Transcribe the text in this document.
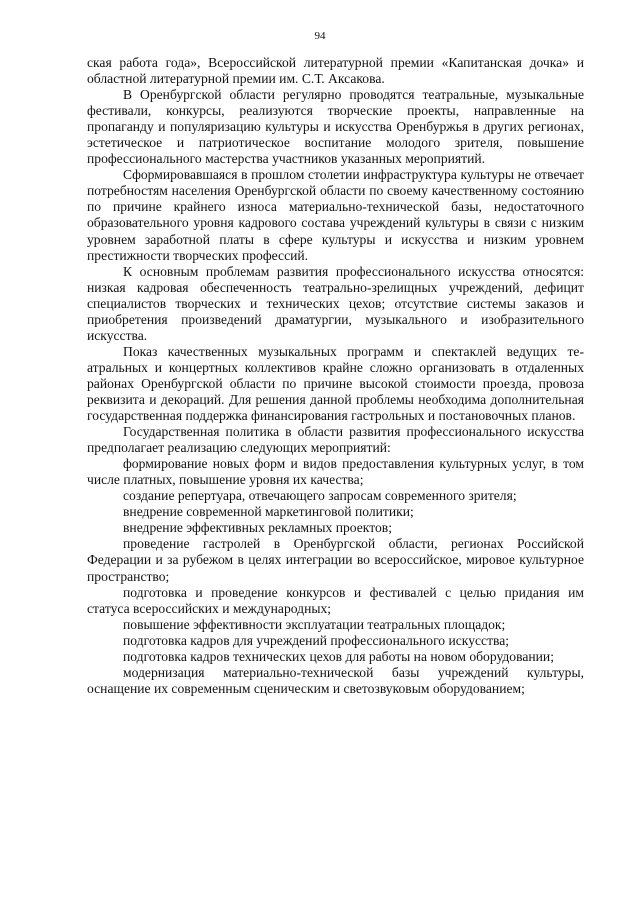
94

ская работа года», Всероссийской литературной премии «Капитанская дочка» и областной литературной премии им. С.Т. Аксакова.

В Оренбургской области регулярно проводятся театральные, музыкальные фестивали, конкурсы, реализуются творческие проекты, направленные на пропаганду и популяризацию культуры и искусства Оренбуржья в других регионах, эстетическое и патриотическое воспитание молодого зрителя, повышение профессионального мастерства участников указанных мероприятий.

Сформировавшаяся в прошлом столетии инфраструктура культуры не отвечает потребностям населения Оренбургской области по своему качественному состоянию по причине крайнего износа материально-технической базы, недостаточного образовательного уровня кадрового состава учреждений культуры в связи с низким уровнем заработной платы в сфере культуры и искусства и низким уровнем престижности творческих профессий.

К основным проблемам развития профессионального искусства относятся: низкая кадровая обеспеченность театрально-зрелищных учреждений, дефицит специалистов творческих и технических цехов; отсутствие системы заказов и приобретения произведений драматургии, музыкального и изобразительного искусства.

Показ качественных музыкальных программ и спектаклей ведущих театральных и концертных коллективов крайне сложно организовать в отдаленных районах Оренбургской области по причине высокой стоимости проезда, провоза реквизита и декораций. Для решения данной проблемы необходима дополнительная государственная поддержка финансирования гастрольных и постановочных планов.

Государственная политика в области развития профессионального искусства предполагает реализацию следующих мероприятий:

формирование новых форм и видов предоставления культурных услуг, в том числе платных, повышение уровня их качества;

создание репертуара, отвечающего запросам современного зрителя;

внедрение современной маркетинговой политики;

внедрение эффективных рекламных проектов;

проведение гастролей в Оренбургской области, регионах Российской Федерации и за рубежом в целях интеграции во всероссийское, мировое культурное пространство;

подготовка и проведение конкурсов и фестивалей с целью придания им статуса всероссийских и международных;

повышение эффективности эксплуатации театральных площадок;

подготовка кадров для учреждений профессионального искусства;

подготовка кадров технических цехов для работы на новом оборудовании;

модернизация материально-технической базы учреждений культуры, оснащение их современным сценическим и светозвуковым оборудованием;
